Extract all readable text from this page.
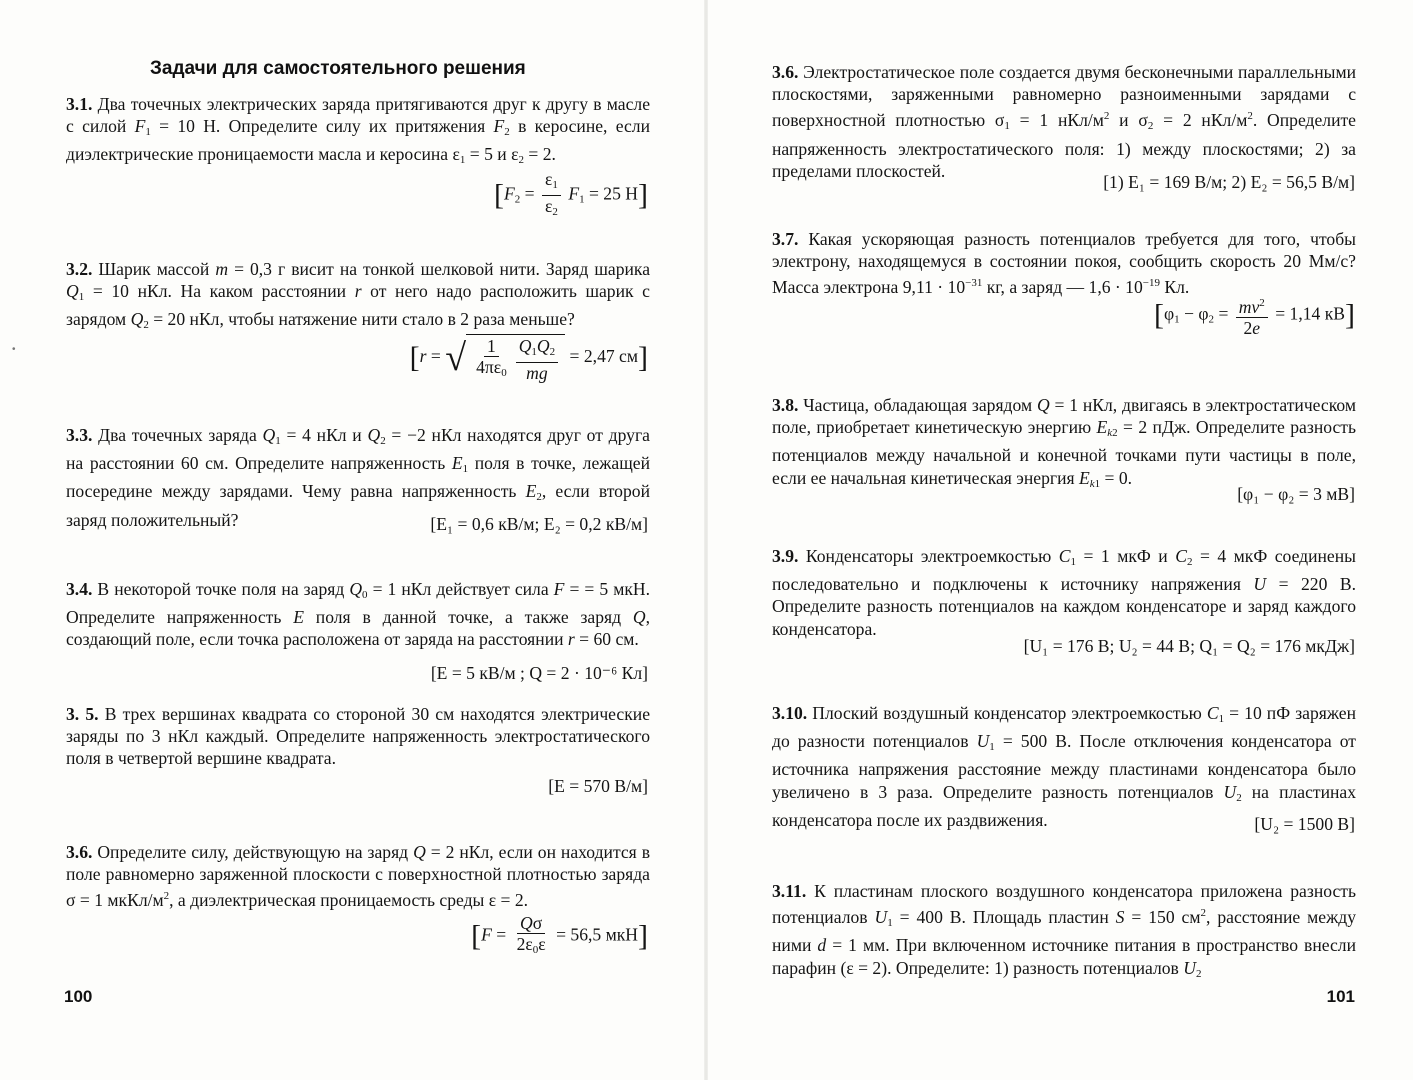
Задачи для самостоятельного решения
3.1. Два точечных электрических заряда притягиваются друг к другу в масле с силой $F_1 = 10$ Н. Определите силу их притяжения $F_2$ в керосине, если диэлектрические проницаемости масла и керосина $\varepsilon_1 = 5$ и $\varepsilon_2 = 2$.
[$F_2 = \frac{\varepsilon_1}{\varepsilon_2} F_1 = 25$ Н]
3.2. Шарик массой m = 0,3 г висит на тонкой шелковой нити. Заряд шарика $Q_1 = 10$ нКл. На каком расстоянии r от него надо расположить шарик с зарядом $Q_2 = 20$ нКл, чтобы натяжение нити стало в 2 раза меньше?
[r = √ $\frac{1}{4\pi\varepsilon_0} \frac{Q_1Q_2}{mg} = 2,47$ см]
3.3. Два точечных заряда $Q_1 = 4$ нКл и $Q_2 = -2$ нКл находятся друг от друга на расстоянии 60 см. Определите напряженность $E_1$ поля в точке, лежащей посередине между зарядами. Чему равна напряженность $E_2$, если второй заряд положительный?	[E₁ = 0,6 кВ/м; E₂ = 0,2 кВ/м]
3.4. В некоторой точке поля на заряд $Q_0 = 1$ нКл действует сила F = = 5 мкН. Определите напряженность E поля в данной точке, а также заряд Q, создающий поле, если точка расположена от заряда на расстоянии r = 60 см.
[E = 5 кВ/м ; Q = 2 · 10⁻⁶ Кл]
3. 5. В трех вершинах квадрата со стороной 30 см находятся электрические заряды по 3 нКл каждый. Определите напряженность электростатического поля в четвертой вершине квадрата.
[E = 570 В/м]
3.6. Определите силу, действующую на заряд Q = 2 нКл, если он находится в поле равномерно заряженной плоскости с поверхностной плотностью заряда σ = 1 мкКл/$м^2$, а диэлектрическая проницаемость среды ε = 2.
[$F = \frac{Q\sigma}{2\varepsilon_0\varepsilon} = 56,5$ мкН]
100
•
3.6. Электростатическое поле создается двумя бесконечными параллельными плоскостями, заряженными равномерно разноименными зарядами с поверхностной плотностью $\sigma_1 = 1$ нКл/$м^2$ и $\sigma_2 = 2$ нКл/$м^2$. Определите напряженность электростатического поля: 1) между плоскостями; 2) за пределами плоскостей.
[1) E₁ = 169 В/м; 2) E₂ = 56,5 В/м]
3.7. Какая ускоряющая разность потенциалов требуется для того, чтобы электрону, находящемуся в состоянии покоя, сообщить скорость 20 Мм/с? Масса электрона $9,11 \cdot 10^{-31}$ кг, а заряд — $1,6 \cdot 10^{-19}$ Кл.
[$\varphi_1 - \varphi_2 = \frac{mv^2}{2e} = 1,14$ кВ]
3.8. Частица, обладающая зарядом Q = 1 нКл, двигаясь в электростатическом поле, приобретает кинетическую энергию $E_{k2} = 2$ пДж. Определите разность потенциалов между начальной и конечной точками пути частицы в поле, если ее начальная кинетическая энергия $E_{k1} = 0$.
[φ₁ − φ₂ = 3 мВ]
3.9. Конденсаторы электроемкостью $C_1 = 1$ мкФ и $C_2 = 4$ мкФ соединены последовательно и подключены к источнику напряжения U = 220 В. Определите разность потенциалов на каждом конденсаторе и заряд каждого конденсатора.
[U₁ = 176 В; U₂ = 44 В; Q₁ = Q₂ = 176 мкДж]
3.10. Плоский воздушный конденсатор электроемкостью $C_1 = 10$ пФ заряжен до разности потенциалов $U_1 = 500$ В. После отключения конденсатора от источника напряжения расстояние между пластинами конденсатора было увеличено в 3 раза. Определите разность потенциалов $U_2$ на пластинах конденсатора после их раздвижения.	[U₂ = 1500 В]
3.11. К пластинам плоского воздушного конденсатора приложена разность потенциалов $U_1 = 400$ В. Площадь пластин S = 150 $см^2$, расстояние между ними d = 1 мм. При включенном источнике питания в пространство внесли парафин (ε = 2). Определите: 1) разность потенциалов $U_2$
101
